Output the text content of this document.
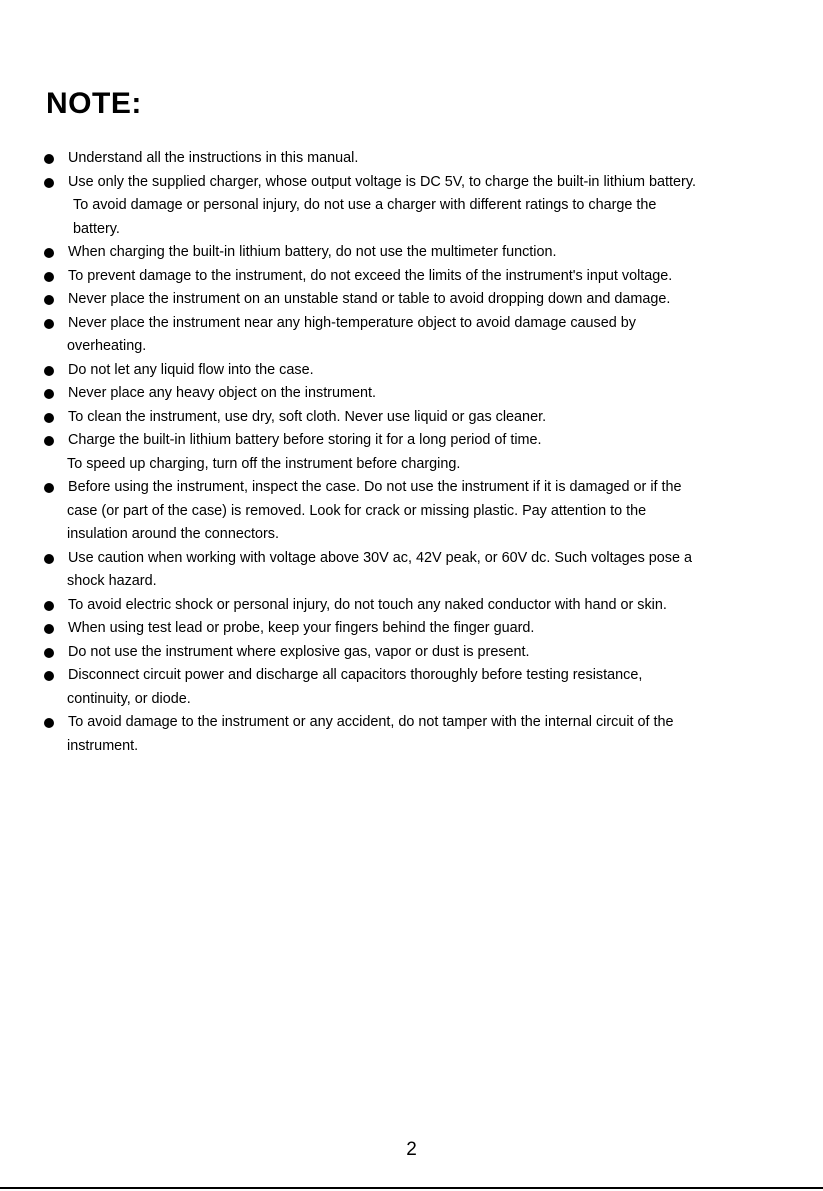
NOTE:
Understand all the instructions in this manual.
Use only the supplied charger, whose output voltage is DC 5V, to charge the built-in lithium battery.
To avoid damage or personal injury, do not use a charger with different ratings to charge the
battery.
When charging the built-in lithium battery, do not use the multimeter function.
To prevent damage to the instrument, do not exceed the limits of the instrument's input voltage.
Never place the instrument on an unstable stand or table to avoid dropping down and damage.
Never place the instrument near any high-temperature object to avoid damage caused by
overheating.
Do not let any liquid flow into the case.
Never place any heavy object on the instrument.
To clean the instrument, use dry, soft cloth. Never use liquid or gas cleaner.
Charge the built-in lithium battery before storing it for a long period of time.
To speed up charging, turn off the instrument before charging.
Before using the instrument, inspect the case. Do not use the instrument if it is damaged or if the
case (or part of the case) is removed. Look for crack or missing plastic. Pay attention to the
insulation around the connectors.
Use caution when working with voltage above 30V ac, 42V peak, or 60V dc. Such voltages pose a
shock hazard.
To avoid electric shock or personal injury, do not touch any naked conductor with hand or skin.
When using test lead or probe, keep your fingers behind the finger guard.
Do not use the instrument where explosive gas, vapor or dust is present.
Disconnect circuit power and discharge all capacitors thoroughly before testing resistance,
continuity, or diode.
To avoid damage to the instrument or any accident, do not tamper with the internal circuit of the
instrument.
2
